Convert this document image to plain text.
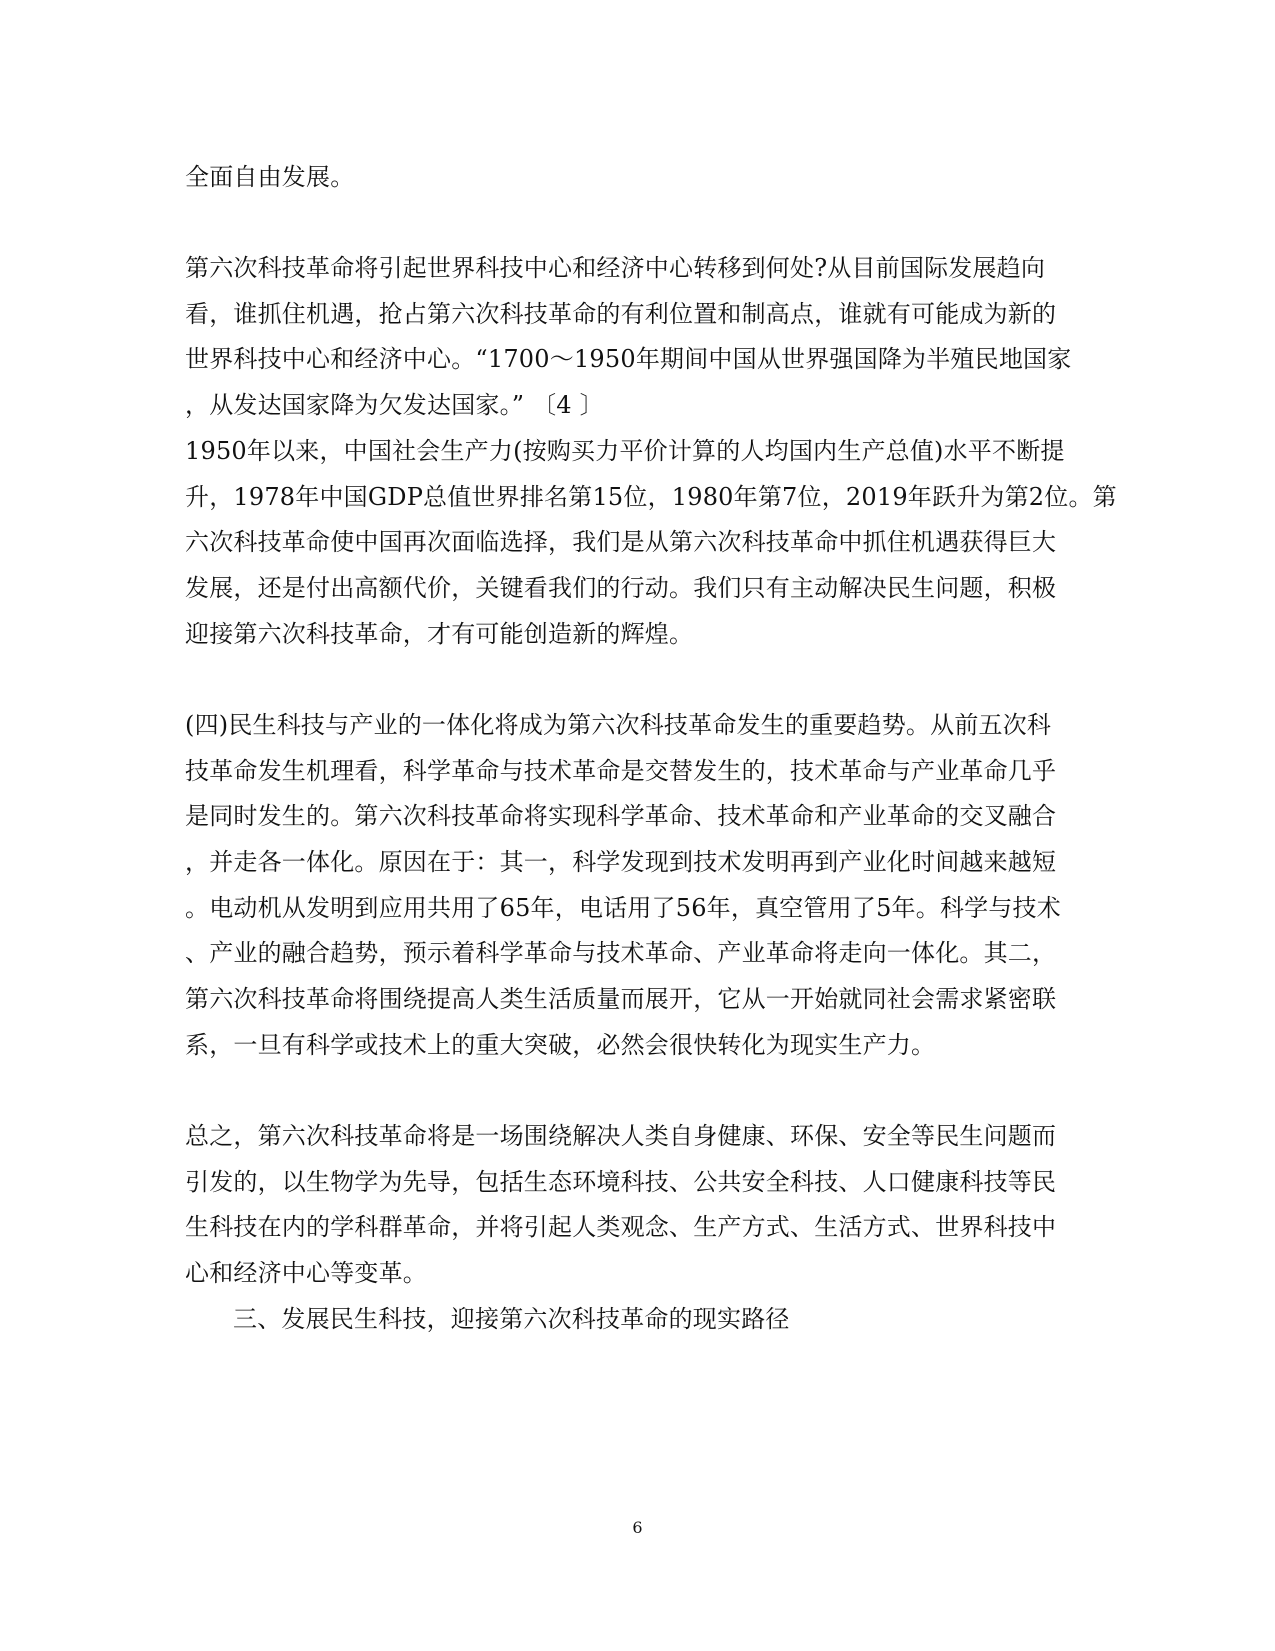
全面自由发展。
第六次科技革命将引起世界科技中心和经济中心转移到何处?从目前国际发展趋向
看，谁抓住机遇，抢占第六次科技革命的有利位置和制高点，谁就有可能成为新的
世界科技中心和经济中心。“1700～1950年期间中国从世界强国降为半殖民地国家
，从发达国家降为欠发达国家。” 〔4 〕
1950年以来，中国社会生产力(按购买力平价计算的人均国内生产总值)水平不断提
升，1978年中国GDP总值世界排名第15位，1980年第7位，2019年跃升为第2位。第
六次科技革命使中国再次面临选择，我们是从第六次科技革命中抓住机遇获得巨大
发展，还是付出高额代价，关键看我们的行动。我们只有主动解决民生问题，积极
迎接第六次科技革命，才有可能创造新的辉煌。
(四)民生科技与产业的一体化将成为第六次科技革命发生的重要趋势。从前五次科
技革命发生机理看，科学革命与技术革命是交替发生的，技术革命与产业革命几乎
是同时发生的。第六次科技革命将实现科学革命、技术革命和产业革命的交叉融合
，并走各一体化。原因在于：其一，科学发现到技术发明再到产业化时间越来越短
。电动机从发明到应用共用了65年，电话用了56年，真空管用了5年。科学与技术
、产业的融合趋势，预示着科学革命与技术革命、产业革命将走向一体化。其二，
第六次科技革命将围绕提高人类生活质量而展开，它从一开始就同社会需求紧密联
系，一旦有科学或技术上的重大突破，必然会很快转化为现实生产力。
总之，第六次科技革命将是一场围绕解决人类自身健康、环保、安全等民生问题而
引发的，以生物学为先导，包括生态环境科技、公共安全科技、人口健康科技等民
生科技在内的学科群革命，并将引起人类观念、生产方式、生活方式、世界科技中
心和经济中心等变革。
三、发展民生科技，迎接第六次科技革命的现实路径
6
